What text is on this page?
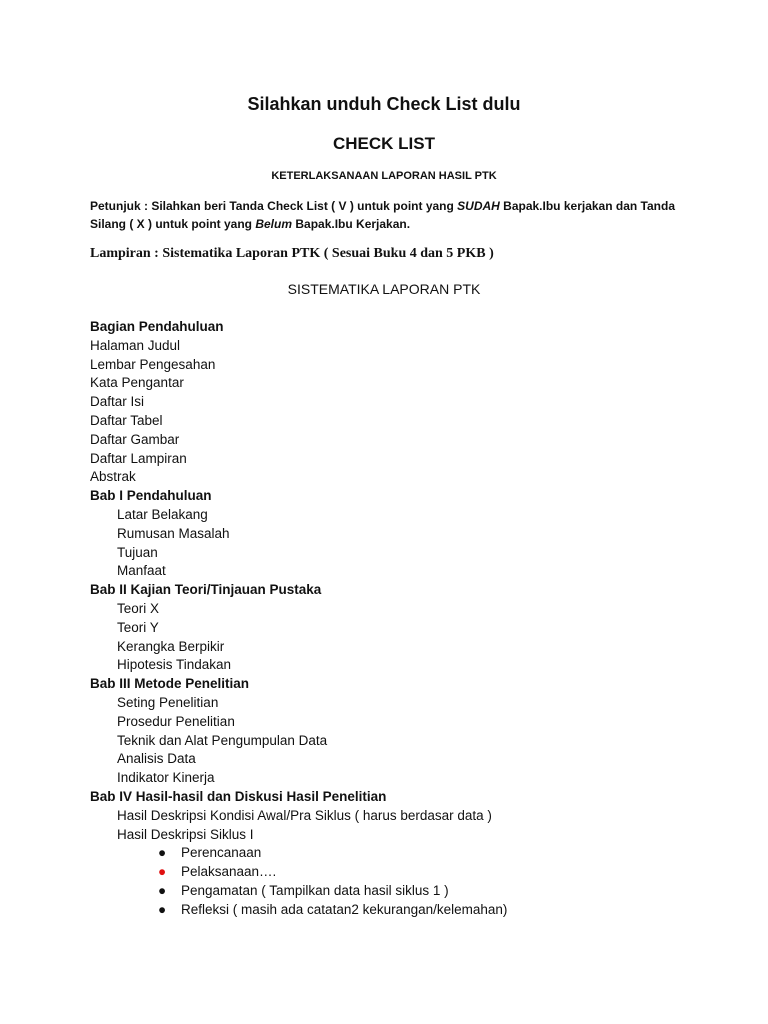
Silahkan unduh Check List dulu
CHECK LIST
KETERLAKSANAAN LAPORAN HASIL PTK
Petunjuk : Silahkan beri Tanda Check List ( V ) untuk point yang SUDAH Bapak.Ibu kerjakan dan Tanda
Silang ( X ) untuk point yang Belum Bapak.Ibu Kerjakan.
Lampiran : Sistematika Laporan PTK ( Sesuai Buku 4 dan 5 PKB )
SISTEMATIKA LAPORAN PTK
Bagian Pendahuluan
Halaman Judul
Lembar Pengesahan
Kata Pengantar
Daftar Isi
Daftar Tabel
Daftar Gambar
Daftar Lampiran
Abstrak
Bab I Pendahuluan
Latar Belakang
Rumusan Masalah
Tujuan
Manfaat
Bab II Kajian Teori/Tinjauan Pustaka
Teori X
Teori Y
Kerangka Berpikir
Hipotesis Tindakan
Bab III Metode Penelitian
Seting Penelitian
Prosedur Penelitian
Teknik dan Alat Pengumpulan Data
Analisis Data
Indikator Kinerja
Bab IV Hasil-hasil dan Diskusi Hasil Penelitian
Hasil Deskripsi Kondisi Awal/Pra Siklus ( harus berdasar data )
Hasil Deskripsi Siklus I
● Perencanaan
● Pelaksanaan….
● Pengamatan ( Tampilkan data hasil siklus 1 )
● Refleksi ( masih ada catatan2 kekurangan/kelemahan)
